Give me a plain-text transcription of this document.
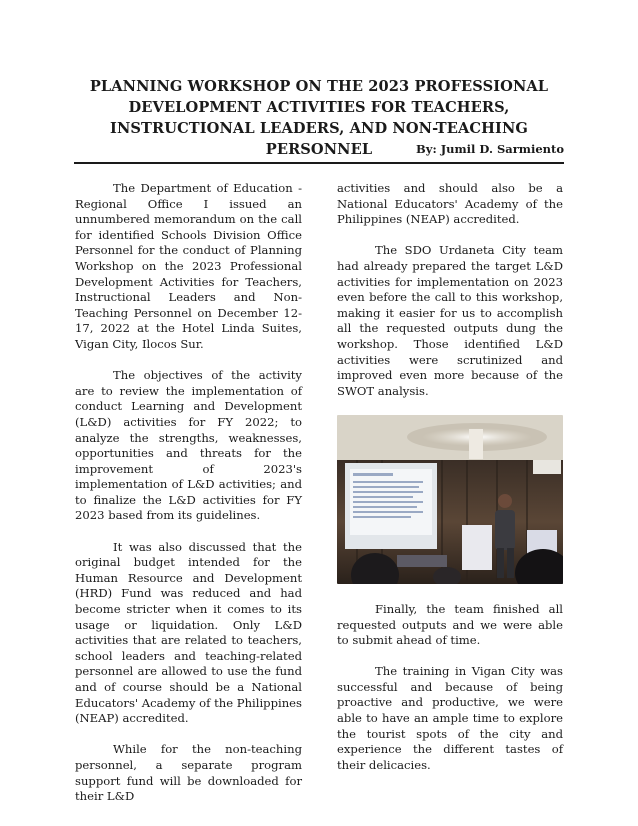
PLANNING WORKSHOP ON THE 2023 PROFESSIONAL DEVELOPMENT ACTIVITIES FOR TEACHERS, INSTRUCTIONAL LEADERS, AND NON-TEACHING PERSONNEL	By: Jumil D. Sarmiento

The Department of Education - Regional Office I issued an unnumbered memorandum on the call for identified Schools Division Office Personnel for the conduct of Planning Workshop on the 2023 Professional Development Activities for Teachers, Instructional Leaders and Non-Teaching Personnel on December 12-17, 2022 at the Hotel Linda Suites, Vigan City, Ilocos Sur.

The objectives of the activity are to review the implementation of conduct Learning and Development (L&D) activities for FY 2022; to analyze the strengths, weaknesses, opportunities and threats for the improvement of 2023's implementation of L&D activities; and to finalize the L&D activities for FY 2023 based from its guidelines.

It was also discussed that the original budget intended for the Human Resource and Development (HRD) Fund was reduced and had become stricter when it comes to its usage or liquidation. Only L&D activities that are related to teachers, school leaders and teaching-related personnel are allowed to use the fund and of course should be a National Educators' Academy of the Philippines (NEAP) accredited.

While for the non-teaching personnel, a separate program support fund will be downloaded for their L&D

activities and should also be a National Educators' Academy of the Philippines (NEAP) accredited.

The SDO Urdaneta City team had already prepared the target L&D activities for implementation on 2023 even before the call to this workshop, making it easier for us to accomplish all the requested outputs dung the workshop. Those identified L&D activities were scrutinized and improved even more because of the SWOT analysis.

Finally, the team finished all requested outputs and we were able to submit ahead of time.

The training in Vigan City was successful and because of being proactive and productive, we were able to have an ample time to explore the tourist spots of the city and experience the different tastes of their delicacies.
